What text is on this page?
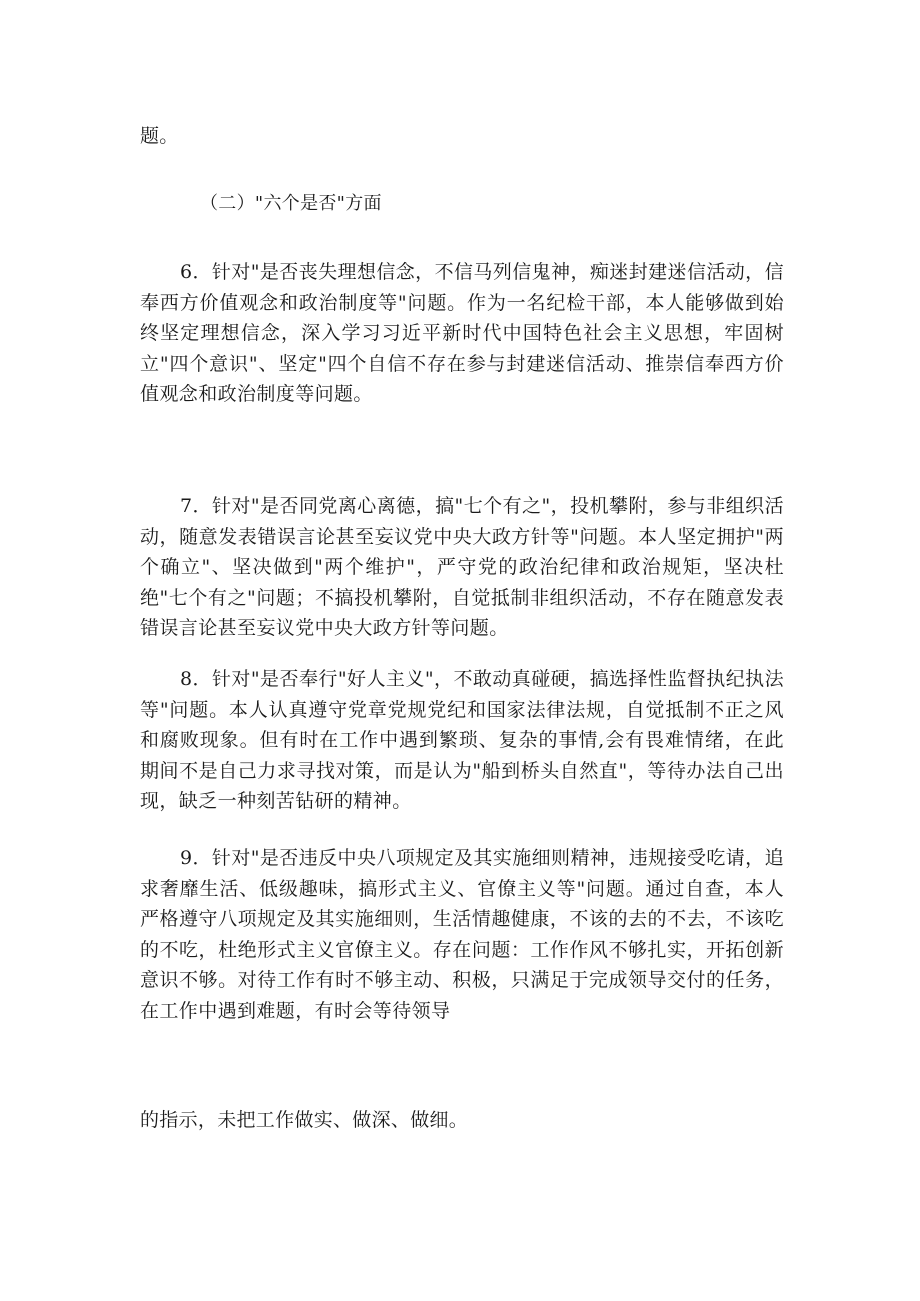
题。
（二）"六个是否"方面
6．针对"是否丧失理想信念，不信马列信鬼神，痴迷封建迷信活动，信奉西方价值观念和政治制度等"问题。作为一名纪检干部，本人能够做到始终坚定理想信念，深入学习习近平新时代中国特色社会主义思想，牢固树立"四个意识"、坚定"四个自信不存在参与封建迷信活动、推崇信奉西方价值观念和政治制度等问题。
7．针对"是否同党离心离德，搞"七个有之"，投机攀附，参与非组织活动，随意发表错误言论甚至妄议党中央大政方针等"问题。本人坚定拥护"两个确立"、坚决做到"两个维护"，严守党的政治纪律和政治规矩，坚决杜绝"七个有之"问题；不搞投机攀附，自觉抵制非组织活动，不存在随意发表错误言论甚至妄议党中央大政方针等问题。
8．针对"是否奉行"好人主义"，不敢动真碰硬，搞选择性监督执纪执法等"问题。本人认真遵守党章党规党纪和国家法律法规，自觉抵制不正之风和腐败现象。但有时在工作中遇到繁琐、复杂的事情,会有畏难情绪，在此期间不是自己力求寻找对策，而是认为"船到桥头自然直"，等待办法自己出现，缺乏一种刻苦钻研的精神。
9．针对"是否违反中央八项规定及其实施细则精神，违规接受吃请，追求奢靡生活、低级趣味，搞形式主义、官僚主义等"问题。通过自查，本人严格遵守八项规定及其实施细则，生活情趣健康，不该的去的不去，不该吃的不吃，杜绝形式主义官僚主义。存在问题：工作作风不够扎实，开拓创新意识不够。对待工作有时不够主动、积极，只满足于完成领导交付的任务，在工作中遇到难题，有时会等待领导
的指示，未把工作做实、做深、做细。
